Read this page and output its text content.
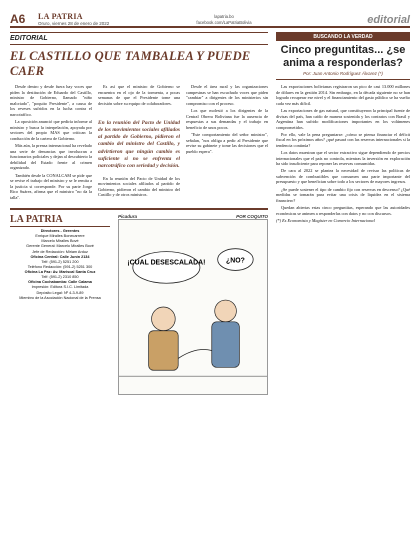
A6	LA PATRIA
Oruro, viernes 28 de enero de 2022
lapatria.bo
facebook.com/LaPatriaBolivia	editorial
EDITORIAL
EL CASTILLO QUE TAMBALEA Y PUEDE CAER

Desde dentro y desde fuera hay voces que piden la destitución de Eduardo del Castillo, ministro de Gobierno, llamado "niño malcriado", "poquito Presidente", a causa de los reveses sufridos en la lucha contra el narcotráfico.

La oposición anunció que pediría informe al ministro y busca la interpelación, apoyada por sectores del propio MAS que critican la conducción de la cartera de Gobierno.

Más aún, la prensa internacional ha revelado una serie de denuncias que involucran a funcionarios policiales y dejan al descubierto la debilidad del Estado frente al crimen organizado.

También desde la CONALCAM se pide que se revise el trabajo del ministro y se le remita a la justicia si corresponde. Por su parte Jorge Rico Suárez, afirma que el ministro "no da la talla".

Es así que el ministro de Gobierno se encuentra en el ojo de la tormenta, a pocas semanas de que el Presidente tome una decisión sobre su equipo de colaboradores.

En la reunión del Pacto de Unidad de los movimientos sociales afiliados al partido de Gobierno, pidieron el cambio del ministro del Castillo, y advirtieron que ningún cambio es suficiente si no se enfrenta el narcotráfico con seriedad y decisión.

En la reunión del Pacto de Unidad de los movimientos sociales afiliados al partido de Gobierno, pidieron el cambio del ministro del Castillo y de otros ministros.

Desde el área rural y las organizaciones campesinas se han escuchado voces que piden "cambiar" a dirigentes de los ministerios sin compromiso con el proceso.

Los que molestó a los dirigentes de la Central Obrera Boliviana fue la ausencia de respuestas a sus demandas y el trabajo en beneficio de unos pocos.

"Este comportamiento del señor ministro", señalan, "nos obliga a pedir al Presidente que revise su gabinete y tome las decisiones que el pueblo espera".

LA PATRIA
Directores - Gerentes
Enrique Miralles Bonecarrere
Marcelo Miralles Bové
Gerente General: Marcelo Miralles Bové
Jefe de Redacción: Miriam Arduz
Oficina Central: Calle Junín 2134
Telf: (591-2) 5251 200
Teléfono Redacción: (591-2) 5251 300
Oficina La Paz: Av. Mariscal Santa Cruz
Telf: (591-2) 2310 850
Oficina Cochabamba: Calle Calama
Impresión: Editora S.I.C. Limitada
Depósito Legal: Nº 4-3-9-89
Miembro de la Asociación Nacional de la Prensa
Picadura	POR COQUITO
¡CUAL DESESCALADA!	¿NO?
BUSCANDO LA VERDAD
Cinco preguntitas... ¿se anima a responderlas?
Por: Juan Antonio Rodríguez Álvarez (*)

Las exportaciones bolivianas registraron un pico de casi 13.000 millones de dólares en la gestión 2014. Sin embargo, en la década siguiente no se han logrado recuperar ese nivel y el financiamiento del gasto público se ha vuelto cada vez más difícil.

Las exportaciones de gas natural, que constituyeron la principal fuente de divisas del país, han caído de manera sostenida y los contratos con Brasil y Argentina han sufrido modificaciones importantes en los volúmenes comprometidos.

Por ello, vale la pena preguntarse: ¿cómo se piensa financiar el déficit fiscal en los próximos años? ¿qué pasará con las reservas internacionales si la tendencia continúa?

Los datos muestran que el sector extractivo sigue dependiendo de precios internacionales que el país no controla, mientras la inversión en exploración ha sido insuficiente para reponer las reservas consumidas.

De cara al 2022 se plantea la necesidad de revisar las políticas de subvención de combustibles que consumen una parte importante del presupuesto y que benefician sobre todo a los sectores de mayores ingresos.

¿Se puede sostener el tipo de cambio fijo con reservas en descenso? ¿Qué medidas se tomarán para evitar una crisis de liquidez en el sistema financiero?

Quedan abiertas estas cinco preguntitas, esperando que las autoridades económicas se animen a responderlas con datos y no con discursos.

(*) Es Economista y Magíster en Comercio Internacional
